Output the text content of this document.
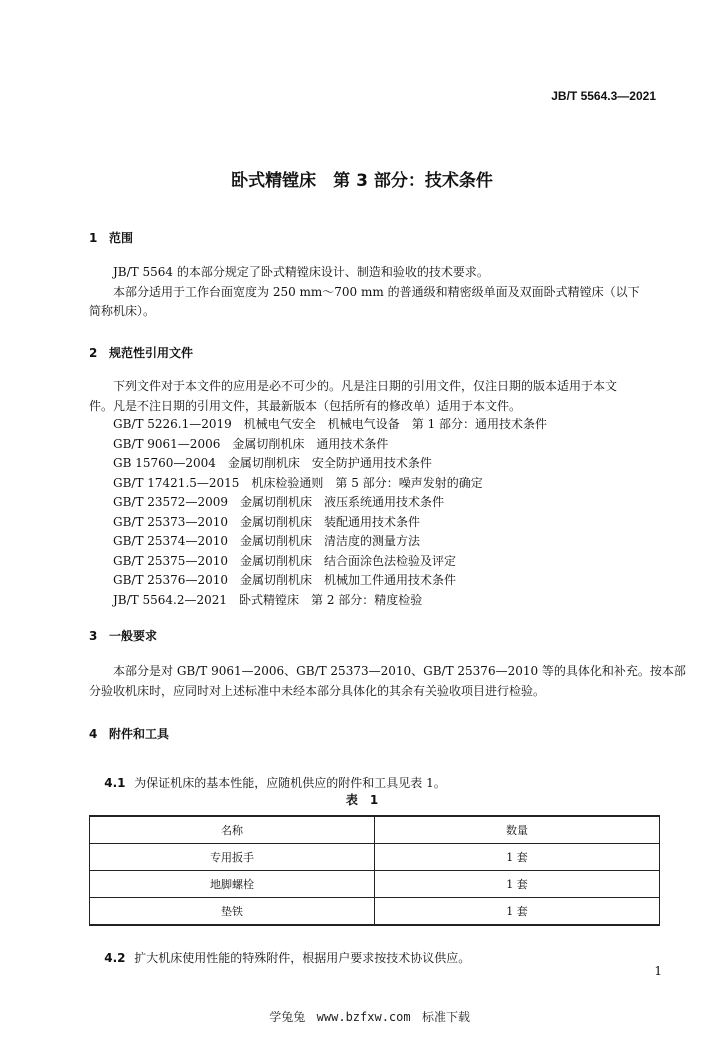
JB/T 5564.3—2021
卧式精镗床　第 3 部分：技术条件
1 范围
JB/T 5564 的本部分规定了卧式精镗床设计、制造和验收的技术要求。
本部分适用于工作台面宽度为 250 mm～700 mm 的普通级和精密级单面及双面卧式精镗床（以下
简称机床）。
2 规范性引用文件
下列文件对于本文件的应用是必不可少的。凡是注日期的引用文件，仅注日期的版本适用于本文
件。凡是不注日期的引用文件，其最新版本（包括所有的修改单）适用于本文件。
GB/T 5226.1—2019　机械电气安全　机械电气设备　第 1 部分：通用技术条件
GB/T 9061—2006　金属切削机床　通用技术条件
GB 15760—2004　金属切削机床　安全防护通用技术条件
GB/T 17421.5—2015　机床检验通则　第 5 部分：噪声发射的确定
GB/T 23572—2009　金属切削机床　液压系统通用技术条件
GB/T 25373—2010　金属切削机床　装配通用技术条件
GB/T 25374—2010　金属切削机床　清洁度的测量方法
GB/T 25375—2010　金属切削机床　结合面涂色法检验及评定
GB/T 25376—2010　金属切削机床　机械加工件通用技术条件
JB/T 5564.2—2021　卧式精镗床　第 2 部分：精度检验
3 一般要求
本部分是对 GB/T 9061—2006、GB/T 25373—2010、GB/T 25376—2010 等的具体化和补充。按本部
分验收机床时，应同时对上述标准中未经本部分具体化的其余有关验收项目进行检验。
4 附件和工具

4.1 为保证机床的基本性能，应随机供应的附件和工具见表 1。

表　1
名称	数量
专用扳手	1 套
地脚螺栓	1 套
垫铁	1 套

4.2 扩大机床使用性能的特殊附件，根据用户要求按技术协议供应。

1

学兔兔 www.bzfxw.com 标准下载
